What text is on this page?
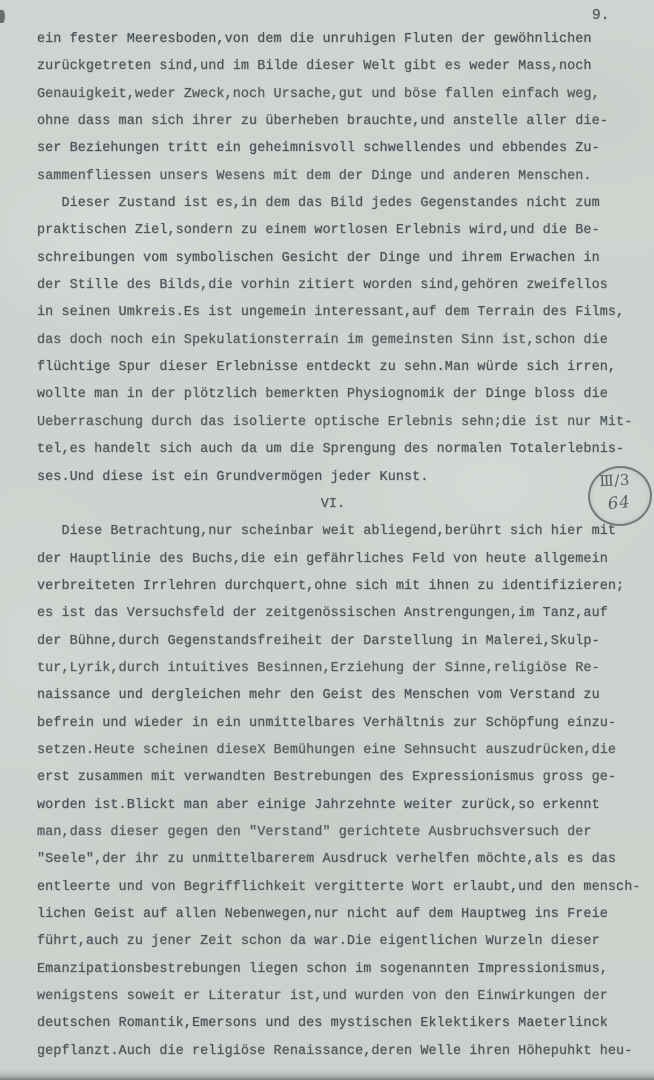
9.
ein fester Meeresboden,von dem die unruhigen Fluten der gewöhnlichen
zurückgetreten sind,und im Bilde dieser Welt gibt es weder Mass,noch
Genauigkeit,weder Zweck,noch Ursache,gut und böse fallen einfach weg,
ohne dass man sich ihrer zu überheben brauchte,und anstelle aller die-
ser Beziehungen tritt ein geheimnisvoll schwellendes und ebbendes Zu-
sammenfliessen unsers Wesens mit dem der Dinge und anderen Menschen.
Dieser Zustand ist es,in dem das Bild jedes Gegenstandes nicht zum
praktischen Ziel,sondern zu einem wortlosen Erlebnis wird,und die Be-
schreibungen vom symbolischen Gesicht der Dinge und ihrem Erwachen in
der Stille des Bilds,die vorhin zitiert worden sind,gehören zweifellos
in seinen Umkreis.Es ist ungemein interessant,auf dem Terrain des Films,
das doch noch ein Spekulationsterrain im gemeinsten Sinn ist,schon die
flüchtige Spur dieser Erlebnisse entdeckt zu sehn.Man würde sich irren,
wollte man in der plötzlich bemerkten Physiognomik der Dinge bloss die
Ueberraschung durch das isolierte optische Erlebnis sehn;die ist nur Mit-
tel,es handelt sich auch da um die Sprengung des normalen Totalerlebnis-
ses.Und diese ist ein Grundvermögen jeder Kunst.
VI.
Diese Betrachtung,nur scheinbar weit abliegend,berührt sich hier mit
der Hauptlinie des Buchs,die ein gefährliches Feld von heute allgemein
verbreiteten Irrlehren durchquert,ohne sich mit ihnen zu identifizieren;
es ist das Versuchsfeld der zeitgenössischen Anstrengungen,im Tanz,auf
der Bühne,durch Gegenstandsfreiheit der Darstellung in Malerei,Skulp-
tur,Lyrik,durch intuitives Besinnen,Erziehung der Sinne,religiöse Re-
naissance und dergleichen mehr den Geist des Menschen vom Verstand zu
befrein und wieder in ein unmittelbares Verhältnis zur Schöpfung einzu-
setzen.Heute scheinen dieseX Bemühungen eine Sehnsucht auszudrücken,die
erst zusammen mit verwandten Bestrebungen des Expressionismus gross ge-
worden ist.Blickt man aber einige Jahrzehnte weiter zurück,so erkennt
man,dass dieser gegen den "Verstand" gerichtete Ausbruchsversuch der
"Seele",der ihr zu unmittelbarerem Ausdruck verhelfen möchte,als es das
entleerte und von Begrifflichkeit vergitterte Wort erlaubt,und den mensch-
lichen Geist auf allen Nebenwegen,nur nicht auf dem Hauptweg ins Freie
führt,auch zu jener Zeit schon da war.Die eigentlichen Wurzeln dieser
Emanzipationsbestrebungen liegen schon im sogenannten Impressionismus,
wenigstens soweit er Literatur ist,und wurden von den Einwirkungen der
deutschen Romantik,Emersons und des mystischen Eklektikers Maeterlinck
gepflanzt.Auch die religiöse Renaissance,deren Welle ihren Höhepuhkt heu-
Ⅲ/3
64
